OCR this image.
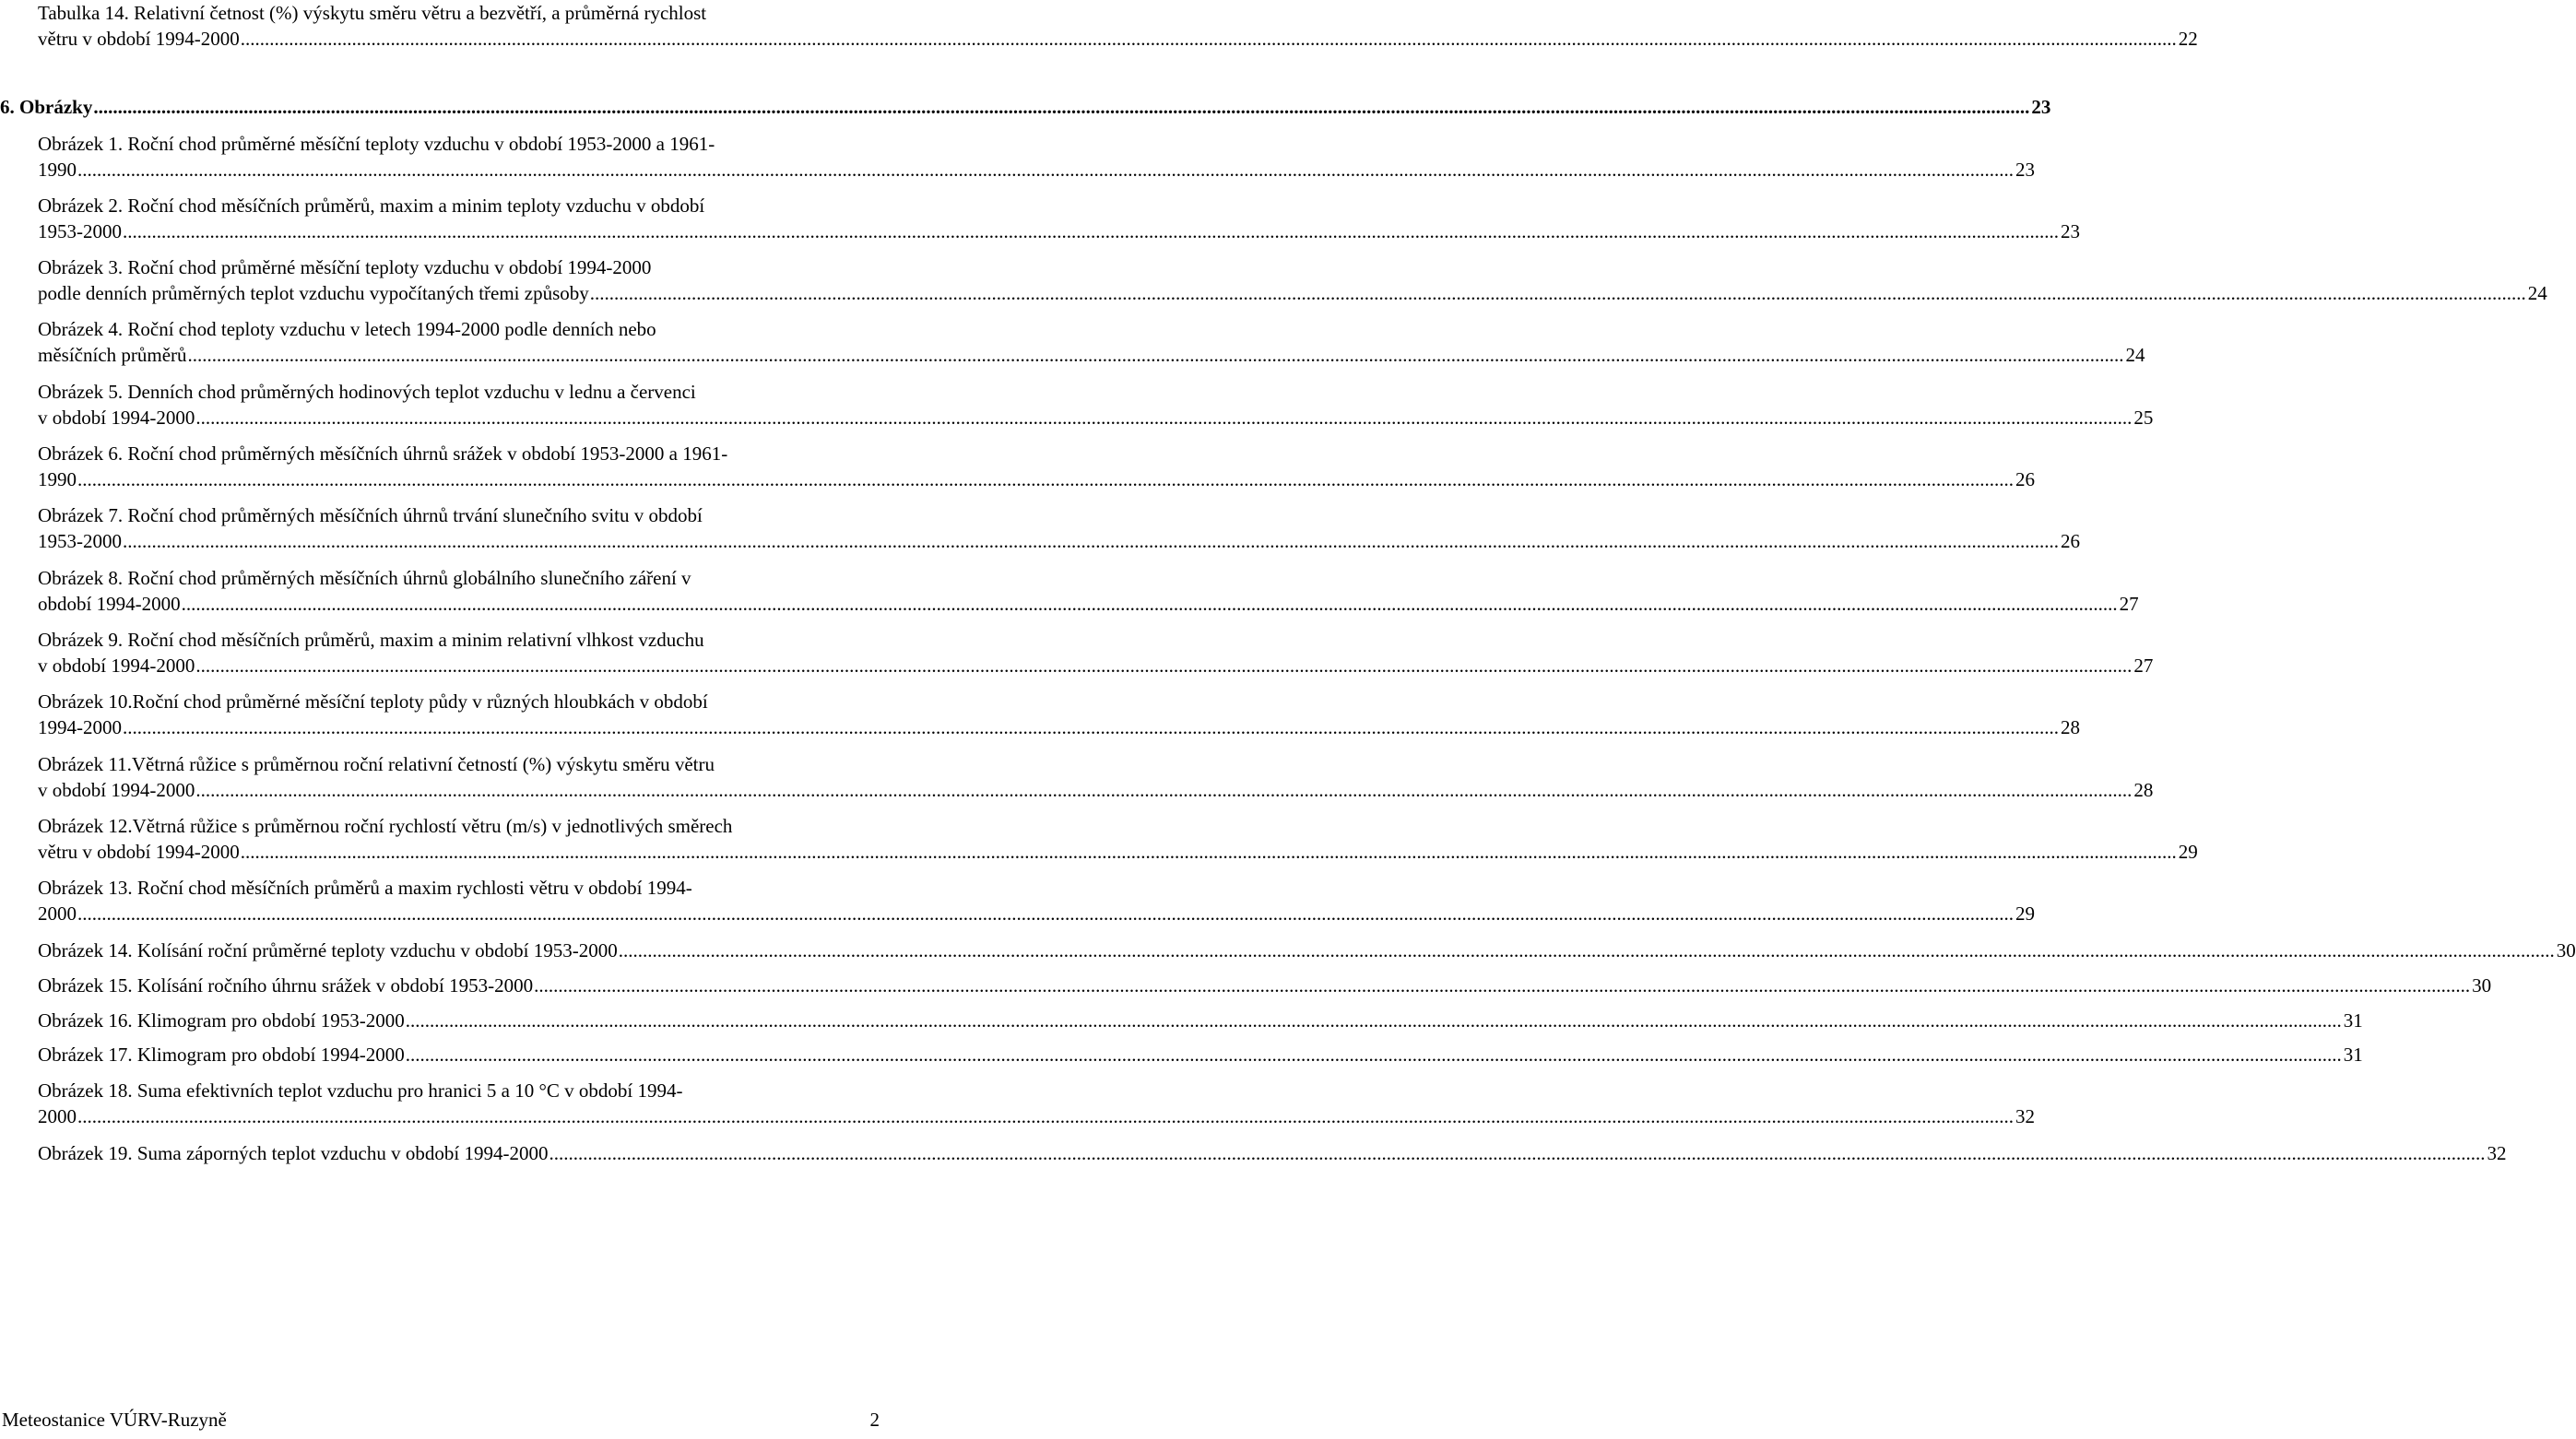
Tabulka 14. Relativní četnost (%) výskytu směru větru a bezvětří, a průměrná rychlost
větru v období 1994-2000 ................................................................................................................................................................................................................................................................................................................................................................................................................ 22
6. Obrázky ................................................................................................................................................................................................................................................................................................................................................................................................................ 23
Obrázek 1. Roční chod průměrné měsíční teploty vzduchu v období 1953-2000 a 1961-
1990 ................................................................................................................................................................................................................................................................................................................................................................................................................ 23
Obrázek 2. Roční chod měsíčních průměrů, maxim a minim teploty vzduchu v období
1953-2000 ................................................................................................................................................................................................................................................................................................................................................................................................................ 23
Obrázek 3. Roční chod průměrné měsíční teploty vzduchu v období 1994-2000
podle denních průměrných teplot vzduchu vypočítaných třemi způsoby ................................................................................................................................................................................................................................................................................................................................................................................................................ 24
Obrázek 4. Roční chod teploty vzduchu v letech 1994-2000 podle denních nebo
měsíčních průměrů ................................................................................................................................................................................................................................................................................................................................................................................................................ 24
Obrázek 5. Denních chod průměrných hodinových teplot vzduchu v lednu a červenci
v období 1994-2000 ................................................................................................................................................................................................................................................................................................................................................................................................................ 25
Obrázek 6. Roční chod průměrných měsíčních úhrnů srážek v období 1953-2000 a 1961-
1990 ................................................................................................................................................................................................................................................................................................................................................................................................................ 26
Obrázek 7. Roční chod průměrných měsíčních úhrnů trvání slunečního svitu v období
1953-2000 ................................................................................................................................................................................................................................................................................................................................................................................................................ 26
Obrázek 8. Roční chod průměrných měsíčních úhrnů globálního slunečního záření v
období 1994-2000 ................................................................................................................................................................................................................................................................................................................................................................................................................ 27
Obrázek 9. Roční chod měsíčních průměrů, maxim a minim relativní vlhkost vzduchu
v období 1994-2000 ................................................................................................................................................................................................................................................................................................................................................................................................................ 27
Obrázek 10.Roční chod průměrné měsíční teploty půdy v různých hloubkách v období
1994-2000 ................................................................................................................................................................................................................................................................................................................................................................................................................ 28
Obrázek 11.Větrná růžice s průměrnou roční relativní četností (%) výskytu směru větru
v období 1994-2000 ................................................................................................................................................................................................................................................................................................................................................................................................................ 28
Obrázek 12.Větrná růžice s průměrnou roční rychlostí větru (m/s) v jednotlivých směrech
větru v období 1994-2000 ................................................................................................................................................................................................................................................................................................................................................................................................................ 29
Obrázek 13. Roční chod měsíčních průměrů a maxim rychlosti větru v období 1994-
2000 ................................................................................................................................................................................................................................................................................................................................................................................................................ 29
Obrázek 14. Kolísání roční průměrné teploty vzduchu v období 1953-2000 ................................................................................................................................................................................................................................................................................................................................................................................................................ 30
Obrázek 15. Kolísání ročního úhrnu srážek v období 1953-2000 ................................................................................................................................................................................................................................................................................................................................................................................................................ 30
Obrázek 16. Klimogram pro období 1953-2000 ................................................................................................................................................................................................................................................................................................................................................................................................................ 31
Obrázek 17. Klimogram pro období 1994-2000 ................................................................................................................................................................................................................................................................................................................................................................................................................ 31
Obrázek 18. Suma efektivních teplot vzduchu pro hranici 5 a 10 °C v období 1994-
2000 ................................................................................................................................................................................................................................................................................................................................................................................................................ 32
Obrázek 19. Suma záporných teplot vzduchu v období 1994-2000 ................................................................................................................................................................................................................................................................................................................................................................................................................ 32
Meteostanice VÚRV-Ruzyně	2
